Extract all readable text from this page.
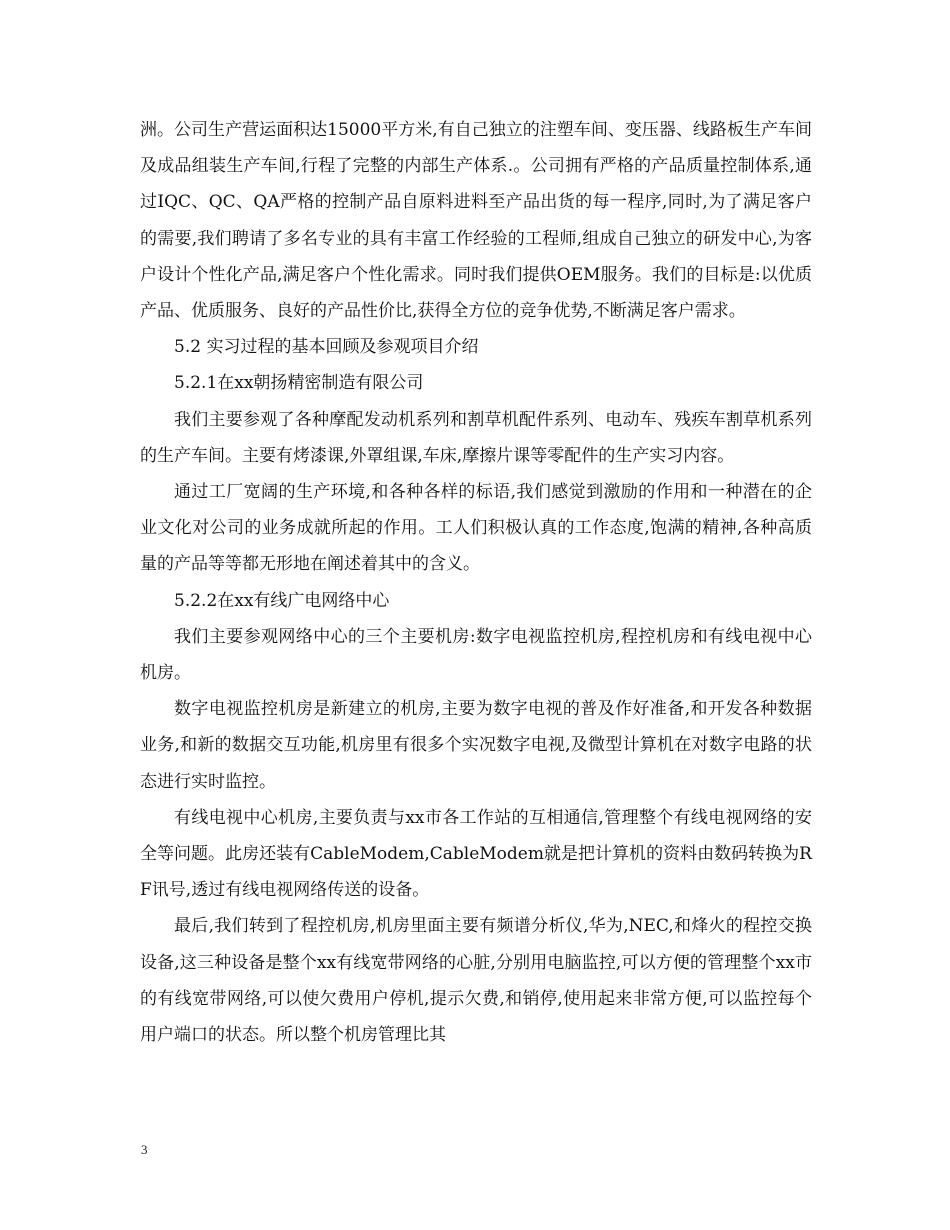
洲。公司生产营运面积达15000平方米,有自己独立的注塑车间、变压器、线路板生产车间及成品组装生产车间,行程了完整的内部生产体系.。公司拥有严格的产品质量控制体系,通过IQC、QC、QA严格的控制产品自原料进料至产品出货的每一程序,同时,为了满足客户的需要,我们聘请了多名专业的具有丰富工作经验的工程师,组成自己独立的研发中心,为客户设计个性化产品,满足客户个性化需求。同时我们提供OEM服务。我们的目标是:以优质产品、优质服务、良好的产品性价比,获得全方位的竞争优势,不断满足客户需求。

5.2 实习过程的基本回顾及参观项目介绍

5.2.1在xx朝扬精密制造有限公司

我们主要参观了各种摩配发动机系列和割草机配件系列、电动车、残疾车割草机系列的生产车间。主要有烤漆课,外罩组课,车床,摩擦片课等零配件的生产实习内容。

通过工厂宽阔的生产环境,和各种各样的标语,我们感觉到激励的作用和一种潜在的企业文化对公司的业务成就所起的作用。工人们积极认真的工作态度,饱满的精神,各种高质量的产品等等都无形地在阐述着其中的含义。

5.2.2在xx有线广电网络中心

我们主要参观网络中心的三个主要机房:数字电视监控机房,程控机房和有线电视中心机房。

数字电视监控机房是新建立的机房,主要为数字电视的普及作好准备,和开发各种数据业务,和新的数据交互功能,机房里有很多个实况数字电视,及微型计算机在对数字电路的状态进行实时监控。

有线电视中心机房,主要负责与xx市各工作站的互相通信,管理整个有线电视网络的安全等问题。此房还装有CableModem,CableModem就是把计算机的资料由数码转换为RF讯号,透过有线电视网络传送的设备。

最后,我们转到了程控机房,机房里面主要有频谱分析仪,华为,NEC,和烽火的程控交换设备,这三种设备是整个xx有线宽带网络的心脏,分别用电脑监控,可以方便的管理整个xx市的有线宽带网络,可以使欠费用户停机,提示欠费,和销停,使用起来非常方便,可以监控每个用户端口的状态。所以整个机房管理比其

3
